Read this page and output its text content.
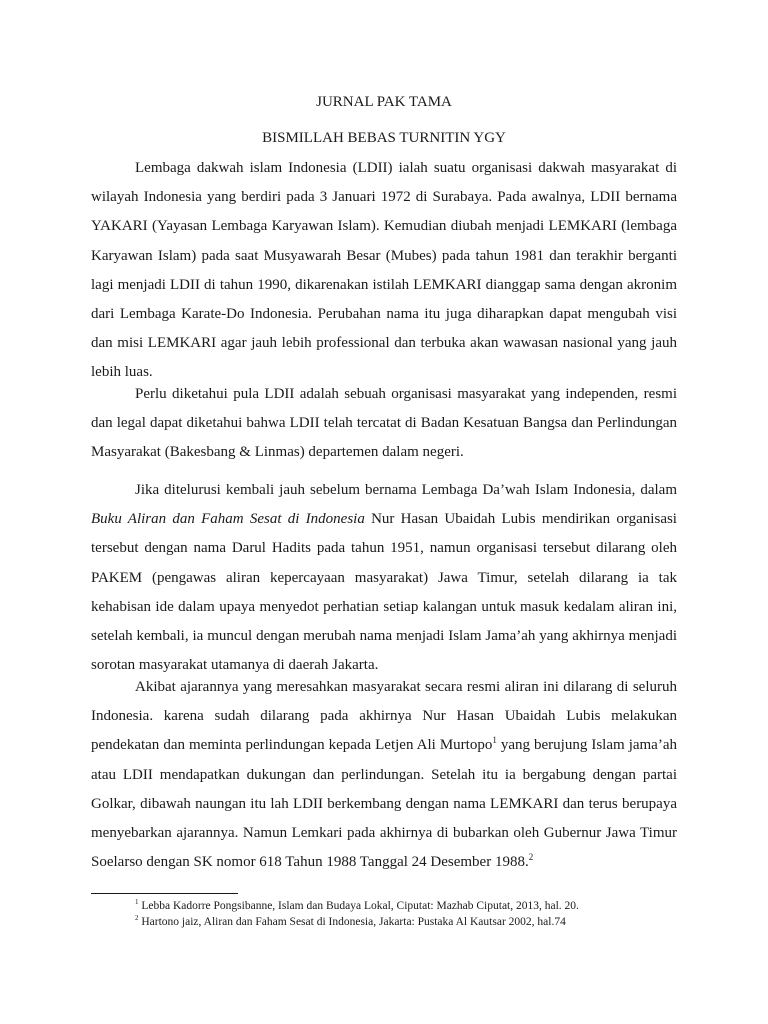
JURNAL PAK TAMA

BISMILLAH BEBAS TURNITIN YGY

Lembaga dakwah islam Indonesia (LDII) ialah suatu organisasi dakwah masyarakat di wilayah Indonesia yang berdiri pada 3 Januari 1972 di Surabaya. Pada awalnya, LDII bernama YAKARI (Yayasan Lembaga Karyawan Islam). Kemudian diubah menjadi LEMKARI (lembaga Karyawan Islam) pada saat Musyawarah Besar (Mubes) pada tahun 1981 dan terakhir berganti lagi menjadi LDII di tahun 1990, dikarenakan istilah LEMKARI dianggap sama dengan akronim dari Lembaga Karate-Do Indonesia. Perubahan nama itu juga diharapkan dapat mengubah visi dan misi LEMKARI agar jauh lebih professional dan terbuka akan wawasan nasional yang jauh lebih luas.

Perlu diketahui pula LDII adalah sebuah organisasi masyarakat yang independen, resmi dan legal dapat diketahui bahwa LDII telah tercatat di Badan Kesatuan Bangsa dan Perlindungan Masyarakat (Bakesbang & Linmas) departemen dalam negeri.

Jika ditelurusi kembali jauh sebelum bernama Lembaga Da’wah Islam Indonesia, dalam Buku Aliran dan Faham Sesat di Indonesia Nur Hasan Ubaidah Lubis mendirikan organisasi tersebut dengan nama Darul Hadits pada tahun 1951, namun organisasi tersebut dilarang oleh PAKEM (pengawas aliran kepercayaan masyarakat) Jawa Timur, setelah dilarang ia tak kehabisan ide dalam upaya menyedot perhatian setiap kalangan untuk masuk kedalam aliran ini, setelah kembali, ia muncul dengan merubah nama menjadi Islam Jama’ah yang akhirnya menjadi sorotan masyarakat utamanya di daerah Jakarta.

Akibat ajarannya yang meresahkan masyarakat secara resmi aliran ini dilarang di seluruh Indonesia. karena sudah dilarang pada akhirnya Nur Hasan Ubaidah Lubis melakukan pendekatan dan meminta perlindungan kepada Letjen Ali Murtopo$^1$ yang berujung Islam jama’ah atau LDII mendapatkan dukungan dan perlindungan. Setelah itu ia bergabung dengan partai Golkar, dibawah naungan itu lah LDII berkembang dengan nama LEMKARI dan terus berupaya menyebarkan ajarannya. Namun Lemkari pada akhirnya di bubarkan oleh Gubernur Jawa Timur Soelarso dengan SK nomor 618 Tahun 1988 Tanggal 24 Desember 1988.$^2$

$^1$ Lebba Kadorre Pongsibanne, Islam dan Budaya Lokal, Ciputat: Mazhab Ciputat, 2013, hal. 20.

$^2$ Hartono jaiz, Aliran dan Faham Sesat di Indonesia, Jakarta: Pustaka Al Kautsar 2002, hal.74
